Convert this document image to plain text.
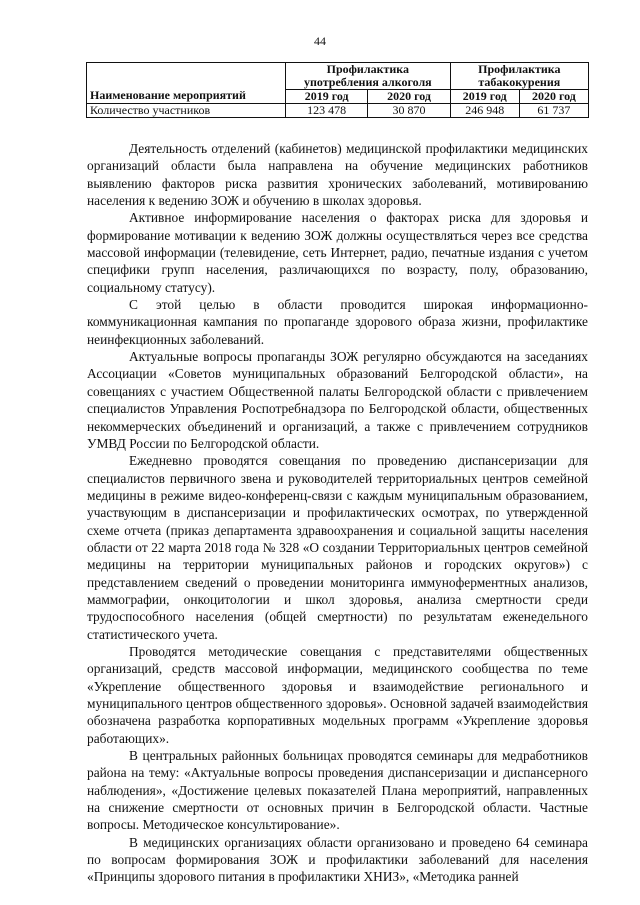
44
Наименование мероприятий	Профилактика употребления алкоголя		Профилактика табакокурения	
	2019 год	2020 год	2019 год	2020 год
Количество участников	123 478	30 870	246 948	61 737

Деятельность отделений (кабинетов) медицинской профилактики медицинских организаций области была направлена на обучение медицинских работников выявлению факторов риска развития хронических заболеваний, мотивированию населения к ведению ЗОЖ и обучению в школах здоровья.

Активное информирование населения о факторах риска для здоровья и формирование мотивации к ведению ЗОЖ должны осуществляться через все средства массовой информации (телевидение, сеть Интернет, радио, печатные издания с учетом специфики групп населения, различающихся по возрасту, полу, образованию, социальному статусу).

С этой целью в области проводится широкая информационно-коммуникационная кампания по пропаганде здорового образа жизни, профилактике неинфекционных заболеваний.

Актуальные вопросы пропаганды ЗОЖ регулярно обсуждаются на заседаниях Ассоциации «Советов муниципальных образований Белгородской области», на совещаниях с участием Общественной палаты Белгородской области с привлечением специалистов Управления Роспотребнадзора по Белгородской области, общественных некоммерческих объединений и организаций, а также с привлечением сотрудников УМВД России по Белгородской области.

Ежедневно проводятся совещания по проведению диспансеризации для специалистов первичного звена и руководителей территориальных центров семейной медицины в режиме видео-конференц-связи с каждым муниципальным образованием, участвующим в диспансеризации и профилактических осмотрах, по утвержденной схеме отчета (приказ департамента здравоохранения и социальной защиты населения области от 22 марта 2018 года № 328 «О создании Территориальных центров семейной медицины на территории муниципальных районов и городских округов») с представлением сведений о проведении мониторинга иммуноферментных анализов, маммографии, онкоцитологии и школ здоровья, анализа смертности среди трудоспособного населения (общей смертности) по результатам еженедельного статистического учета.

Проводятся методические совещания с представителями общественных организаций, средств массовой информации, медицинского сообщества по теме «Укрепление общественного здоровья и взаимодействие регионального и муниципального центров общественного здоровья». Основной задачей взаимодействия обозначена разработка корпоративных модельных программ «Укрепление здоровья работающих».

В центральных районных больницах проводятся семинары для медработников района на тему: «Актуальные вопросы проведения диспансеризации и диспансерного наблюдения», «Достижение целевых показателей Плана мероприятий, направленных на снижение смертности от основных причин в Белгородской области. Частные вопросы. Методическое консультирование».

В медицинских организациях области организовано и проведено 64 семинара по вопросам формирования ЗОЖ и профилактики заболеваний для населения «Принципы здорового питания в профилактики ХНИЗ», «Методика ранней
